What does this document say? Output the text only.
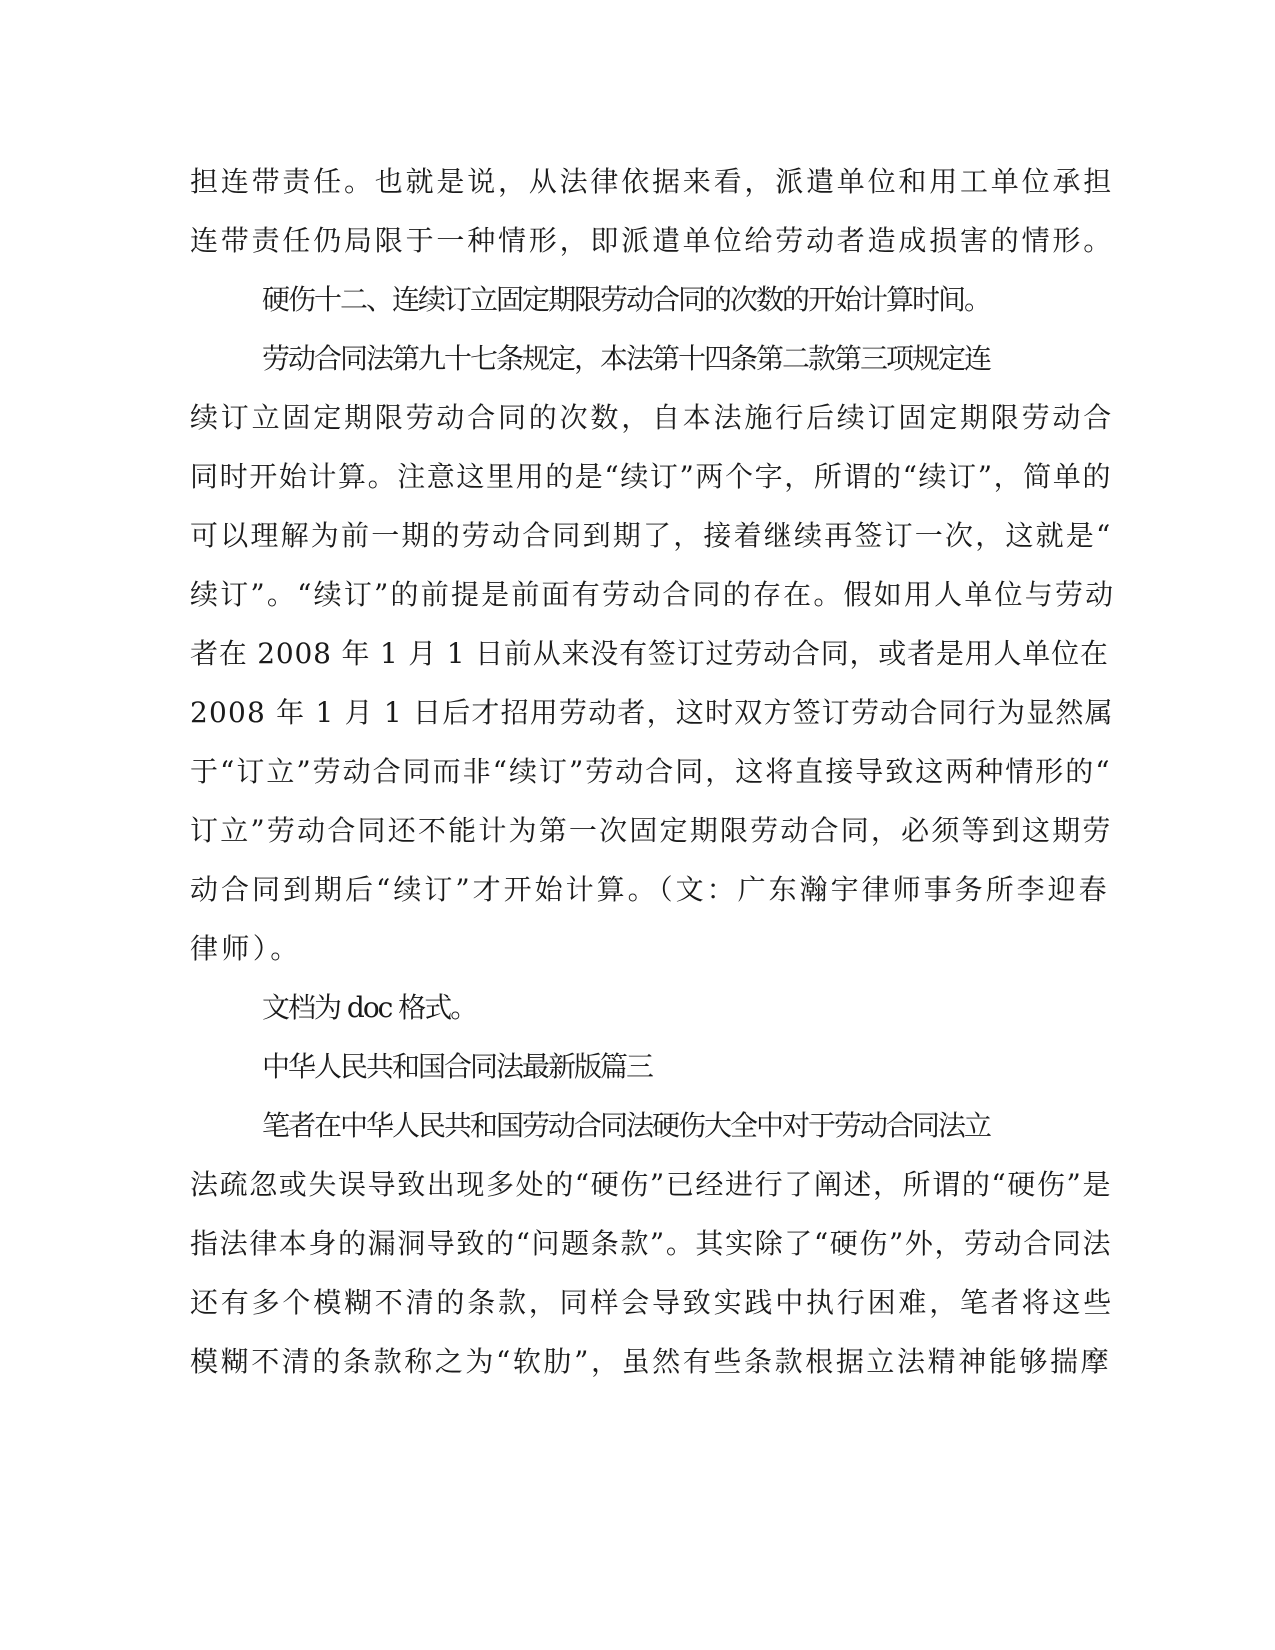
担连带责任。也就是说，从法律依据来看，派遣单位和用工单位承担

连带责任仍局限于一种情形，即派遣单位给劳动者造成损害的情形。

硬伤十二、连续订立固定期限劳动合同的次数的开始计算时间。

劳动合同法第九十七条规定，本法第十四条第二款第三项规定连

续订立固定期限劳动合同的次数，自本法施行后续订固定期限劳动合

同时开始计算。注意这里用的是“续订”两个字，所谓的“续订”，简单的

可以理解为前一期的劳动合同到期了，接着继续再签订一次，这就是“

续订”。“续订”的前提是前面有劳动合同的存在。假如用人单位与劳动

者在 2008 年 1 月 1 日前从来没有签订过劳动合同，或者是用人单位在

2008 年 1 月 1 日后才招用劳动者，这时双方签订劳动合同行为显然属

于“订立”劳动合同而非“续订”劳动合同，这将直接导致这两种情形的“

订立”劳动合同还不能计为第一次固定期限劳动合同，必须等到这期劳

动合同到期后“续订”才开始计算。（文：广东瀚宇律师事务所李迎春

律师）。

文档为 doc 格式。

中华人民共和国合同法最新版篇三

笔者在中华人民共和国劳动合同法硬伤大全中对于劳动合同法立

法疏忽或失误导致出现多处的“硬伤”已经进行了阐述，所谓的“硬伤”是

指法律本身的漏洞导致的“问题条款”。其实除了“硬伤”外，劳动合同法

还有多个模糊不清的条款，同样会导致实践中执行困难，笔者将这些

模糊不清的条款称之为“软肋”，虽然有些条款根据立法精神能够揣摩
